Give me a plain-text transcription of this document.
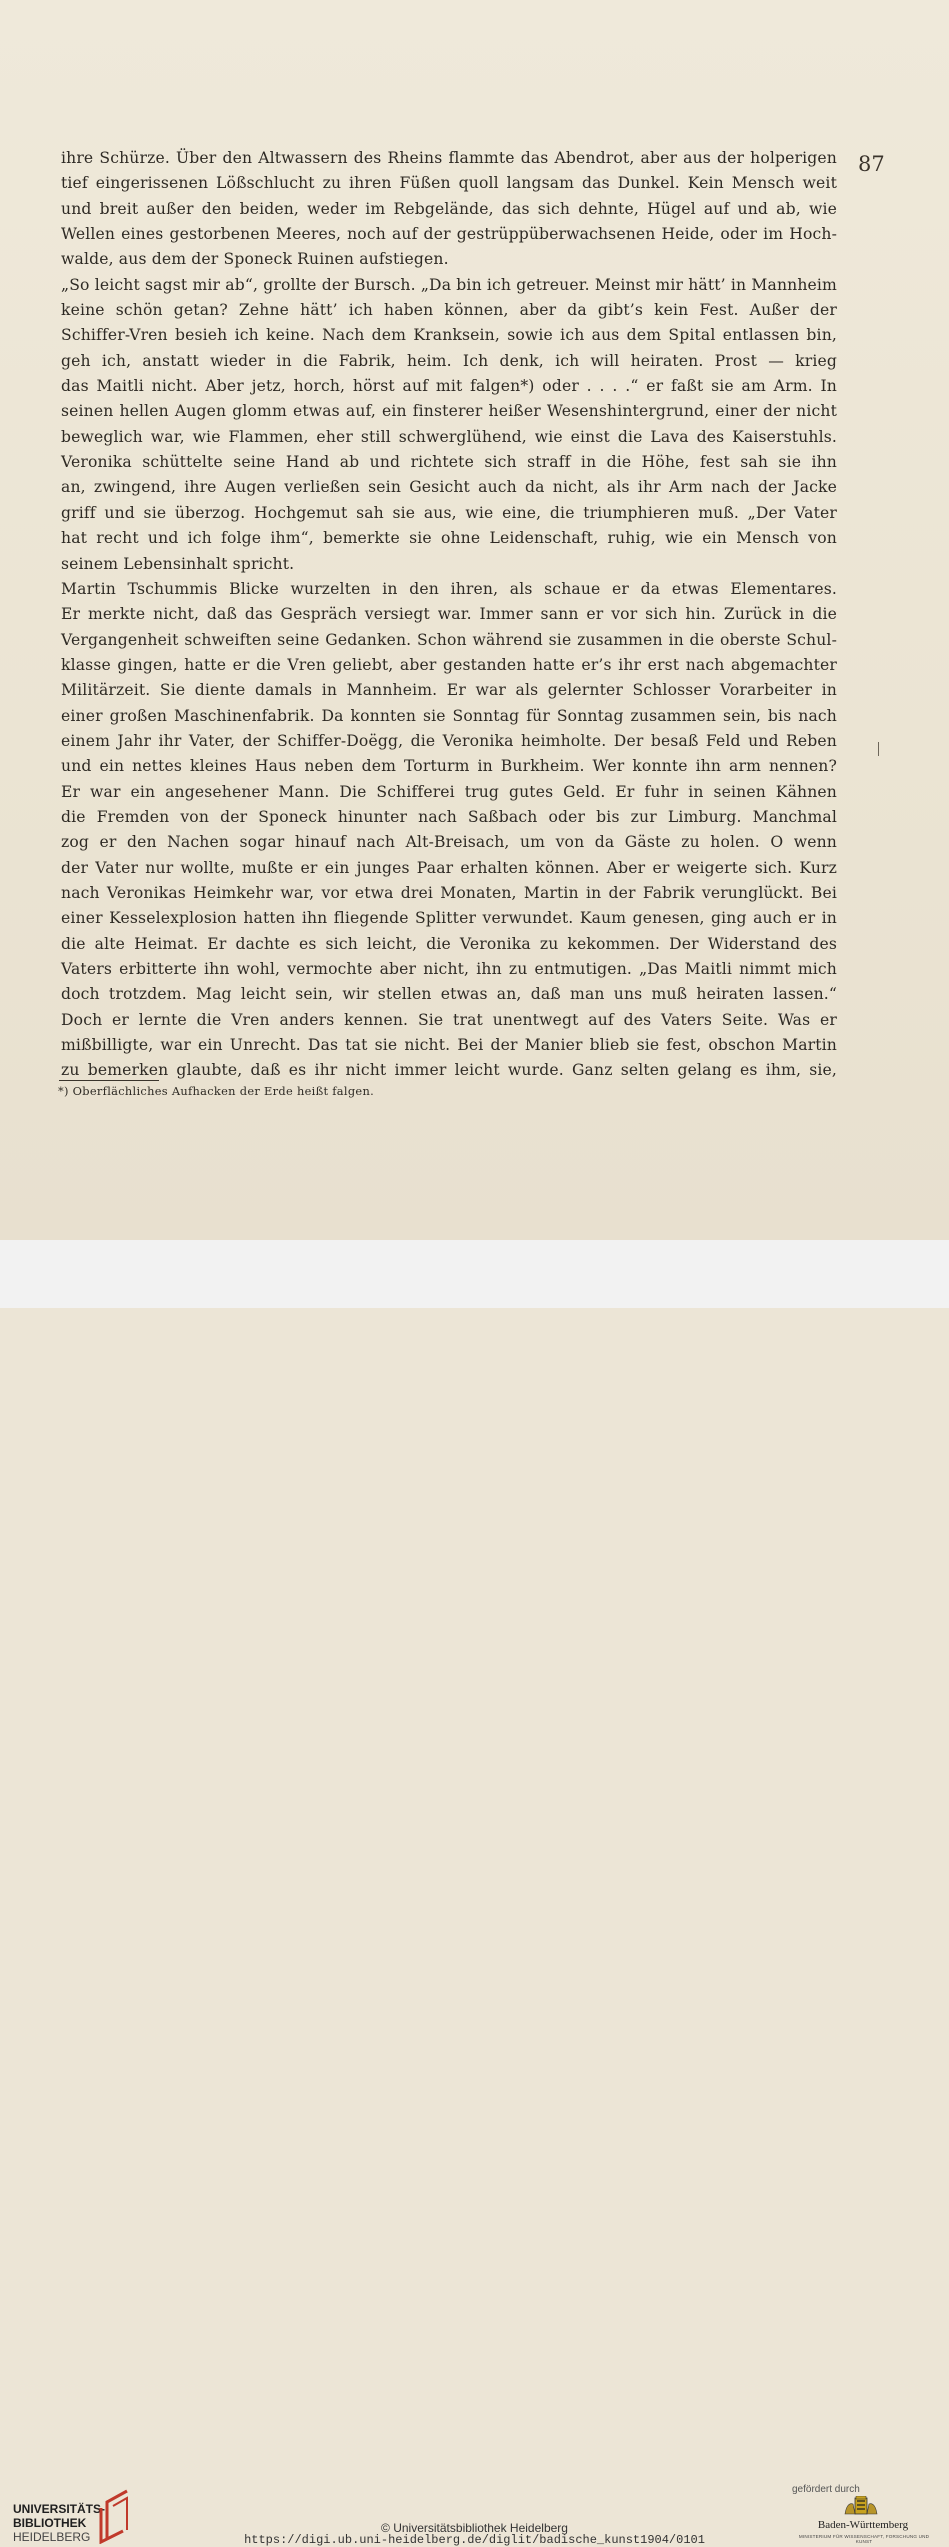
87
ihre Schürze. Über den Altwassern des Rheins flammte das Abendrot, aber aus der holperigen
tief eingerissenen Lößschlucht zu ihren Füßen quoll langsam das Dunkel. Kein Mensch weit
und breit außer den beiden, weder im Rebgelände, das sich dehnte, Hügel auf und ab, wie
Wellen eines gestorbenen Meeres, noch auf der gestrüppüberwachsenen Heide, oder im Hoch-
walde, aus dem der Sponeck Ruinen aufstiegen.
„So leicht sagst mir ab“, grollte der Bursch. „Da bin ich getreuer. Meinst mir hätt’ in Mannheim
keine schön getan? Zehne hätt’ ich haben können, aber da gibt’s kein Fest. Außer der
Schiffer-Vren besieh ich keine. Nach dem Kranksein, sowie ich aus dem Spital entlassen bin,
geh ich, anstatt wieder in die Fabrik, heim. Ich denk, ich will heiraten. Prost — krieg
das Maitli nicht. Aber jetz, horch, hörst auf mit falgen*) oder . . . .“ er faßt sie am Arm. In
seinen hellen Augen glomm etwas auf, ein finsterer heißer Wesenshintergrund, einer der nicht
beweglich war, wie Flammen, eher still schwerglühend, wie einst die Lava des Kaiserstuhls.
Veronika schüttelte seine Hand ab und richtete sich straff in die Höhe, fest sah sie ihn
an, zwingend, ihre Augen verließen sein Gesicht auch da nicht, als ihr Arm nach der Jacke
griff und sie überzog. Hochgemut sah sie aus, wie eine, die triumphieren muß. „Der Vater
hat recht und ich folge ihm“, bemerkte sie ohne Leidenschaft, ruhig, wie ein Mensch von
seinem Lebensinhalt spricht.
Martin Tschummis Blicke wurzelten in den ihren, als schaue er da etwas Elementares.
Er merkte nicht, daß das Gespräch versiegt war. Immer sann er vor sich hin. Zurück in die
Vergangenheit schweiften seine Gedanken. Schon während sie zusammen in die oberste Schul-
klasse gingen, hatte er die Vren geliebt, aber gestanden hatte er’s ihr erst nach abgemachter
Militärzeit. Sie diente damals in Mannheim. Er war als gelernter Schlosser Vorarbeiter in
einer großen Maschinenfabrik. Da konnten sie Sonntag für Sonntag zusammen sein, bis nach
einem Jahr ihr Vater, der Schiffer-Doëgg, die Veronika heimholte. Der besaß Feld und Reben
und ein nettes kleines Haus neben dem Torturm in Burkheim. Wer konnte ihn arm nennen?
Er war ein angesehener Mann. Die Schifferei trug gutes Geld. Er fuhr in seinen Kähnen
die Fremden von der Sponeck hinunter nach Saßbach oder bis zur Limburg. Manchmal
zog er den Nachen sogar hinauf nach Alt-Breisach, um von da Gäste zu holen. O wenn
der Vater nur wollte, mußte er ein junges Paar erhalten können. Aber er weigerte sich. Kurz
nach Veronikas Heimkehr war, vor etwa drei Monaten, Martin in der Fabrik verunglückt. Bei
einer Kesselexplosion hatten ihn fliegende Splitter verwundet. Kaum genesen, ging auch er in
die alte Heimat. Er dachte es sich leicht, die Veronika zu kekommen. Der Widerstand des
Vaters erbitterte ihn wohl, vermochte aber nicht, ihn zu entmutigen. „Das Maitli nimmt mich
doch trotzdem. Mag leicht sein, wir stellen etwas an, daß man uns muß heiraten lassen.“
Doch er lernte die Vren anders kennen. Sie trat unentwegt auf des Vaters Seite. Was er
mißbilligte, war ein Unrecht. Das tat sie nicht. Bei der Manier blieb sie fest, obschon Martin
zu bemerken glaubte, daß es ihr nicht immer leicht wurde. Ganz selten gelang es ihm, sie,
*) Oberflächliches Aufhacken der Erde heißt falgen.
UNIVERSITÄTS-
BIBLIOTHEK
HEIDELBERG
© Universitätsbibliothek Heidelberg
https://digi.ub.uni-heidelberg.de/diglit/badische_kunst1904/0101
gefördert durch
Baden-Württemberg
MINISTERIUM FÜR WISSENSCHAFT, FORSCHUNG UND KUNST
